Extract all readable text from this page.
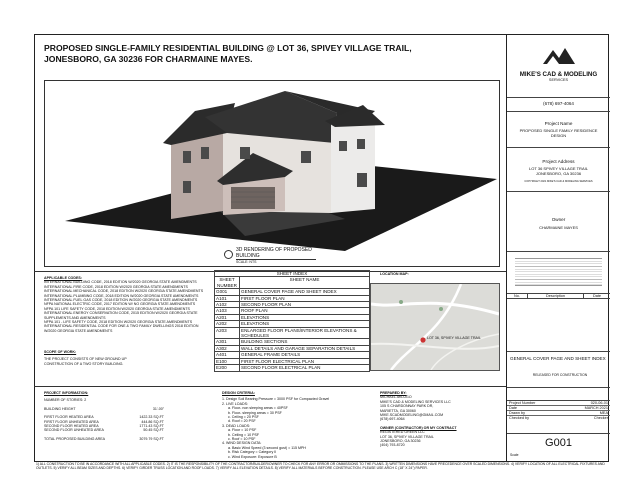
PROPOSED SINGLE-FAMILY RESIDENTIAL BUILDING @ LOT 36, SPIVEY VILLAGE TRAIL,
JONESBORO, GA 30236 FOR CHARMAINE MAYES.
3D RENDERING OF PROPOSED
BUILDING
SCALE: NTS
APPLICABLE CODES:
INTERNATIONAL BUILDING CODE, 2018 EDITION W/2020 GEORGIA STATE AMENDMENTS
INTERNATIONAL FIRE CODE, 2018 EDITION W/2020 GEORGIA STATE AMENDMENTS
INTERNATIONAL MECHANICAL CODE, 2018 EDITION W/2020 GEORGIA STATE AMENDMENTS
INTERNATIONAL PLUMBING CODE, 2018 EDITION W/2020 GEORGIA STATE AMENDMENTS
INTERNATIONAL FUEL GAS CODE, 2018 EDITION W/2020 GEORGIA STATE AMENDMENTS
NFPA NATIONAL ELECTRIC CODE, 2017 EDITION W/ NO GEORGIA STATE AMENDMENTS
NFPA 101 LIFE SAFETY CODE, 2018 EDITION W/2020 GEORGIA STATE AMENDMENTS
INTERNATIONAL ENERGY CONSERVATION CODE, 2015 EDITION W/2020 GEORGIA STATE SUPPLEMENTS AND AMENDMENTS
NFPA 101 - LIFE SAFETY CODE, 2018 EDITION W/2020 GEORGIA STATE AMENDMENTS
INTERNATIONAL RESIDENTIAL CODE FOR ONE & TWO FAMILY DWELLINGS 2018 EDITION W/2020 GEORGIA STATE AMENDMENTS
SCOPE OF WORK:
THE PROJECT CONSISTS OF NEW GROUND UP CONSTRUCTION OF A TWO STORY BUILDING.
SHEET INDEX	
SHEET NUMBER	SHEET NAME
G001	GENERAL COVER PAGE AND SHEET INDEX
A101	FIRST FLOOR PLAN
A102	SECOND FLOOR PLAN
A103	ROOF PLAN
A201	ELEVATIONS
A202	ELEVATIONS
A203	ENLARGED FLOOR PLANS/INTERIOR ELEVATIONS & SCHEDULES
A301	BUILDING SECTIONS
A302	WALL DETAILS AND GARAGE SEPARATION DETAILS
A401	GENERAL FRAME DETAILS
E100	FIRST FLOOR ELECTRICAL PLAN
E200	SECOND FLOOR ELECTRICAL PLAN
LOCATION MAP:
LOT 36, SPIVEY VILLAGE TRAIL
PROJECT INFORMATION:
NUMBER OF STORIES: 2
BUILDING HEIGHT	31'-00"
FIRST FLOOR HEATED AREA	1422.33 SQ.FT
FIRST FLOOR UNHEATED AREA	444.86 SQ.FT
SECOND FLOOR HEATED AREA	1771.43 SQ.FT
SECOND FLOOR UNHEATED AREA	50.45 SQ.FT
TOTAL PROPOSED BUILDING AREA	3079.79 SQ.FT
DESIGN CRITERIA:
1. Design Soil Bearing Pressure = 3000 PSF for Compacted Gravel
2. LIVE LOADS:
a. Floor- non sleeping areas = 40PSF
b. Floor- sleeping areas = 30 PSF
c. Ceiling = 20 PSF
d. Roof = 20 PSF
3. DEAD LOADS:
a. Floor = 10 PSF
b. Ceiling = 10 PSF
c. Roof = 10 PSF
4. WIND DESIGN DATA:
a. Basic Wind Speed (3 second gust) = 115 MPH
b. Risk Category = Category II
c. Wind Exposure: Exposure B
PREPARED BY:
MICHAEL AKLUGO
MIKE'S CAD & MODELING SERVICES LLC
105 S CHARDONNAY PARK DR,
MARIETTA, GA 30060
MIKE.SCADMODELING@GMAIL.COM
(678) 697-4064
OWNER (CONTRACTOR) OR MY CONTRACT
REGISTERED GREEN LLC
LOT 36, SPIVEY VILLAGE TRAIL
JONESBORO, GA 30236
(404) 793-8720
MIKE'S CAD & MODELING
SERVICES
(678) 697-4064
Project Name
PROPOSED SINGLE FAMILY RESIDENCE DESIGN
Project Address
LOT 36 SPIVEY VILLAGE TRAIL
JONESBORO, GA 30236
COPYRIGHT 2021 MIKE'S CAD & MODELING SERVICES
Owner
CHARMAINE MAYES
No.	Description	Date
GENERAL COVER PAGE AND SHEET INDEX
RELEASED FOR CONSTRUCTION
Project Number	020-06-01
Date	MARCH 2021
Drawn by	MEA
Checked by	Checker
G001
Scale
1) ALL CONSTRUCTION TO BE IN ACCORDANCE WITH ALL APPLICABLE CODES. 2) IT IS THE RESPONSIBILITY OF THE CONTRACTOR/BUILDER/OWNER TO CHECK FOR ANY ERROR OR OMMISSIONS TO THE PLANS. 3) WRITTEN DIMENSIONS HAVE PRECEDENCE OVER SCALED DIMENSIONS. 4) VERIFY LOCATION OF ALL ELECTRICAL FIXTURES AND OUTLETS. 5) VERIFY ALL BEAM SIZES AND DEPTHS. 6) VERIFY GIRDER TRUSS LOCATION AND ROOF LOADS. 7) VERIFY ALL ELEVATION DETAILS. 8) VERIFY ALL MATERIALS BEFORE CONSTRUCTION. PLEASE USE ARCH C (18" X 24") PAPER.
